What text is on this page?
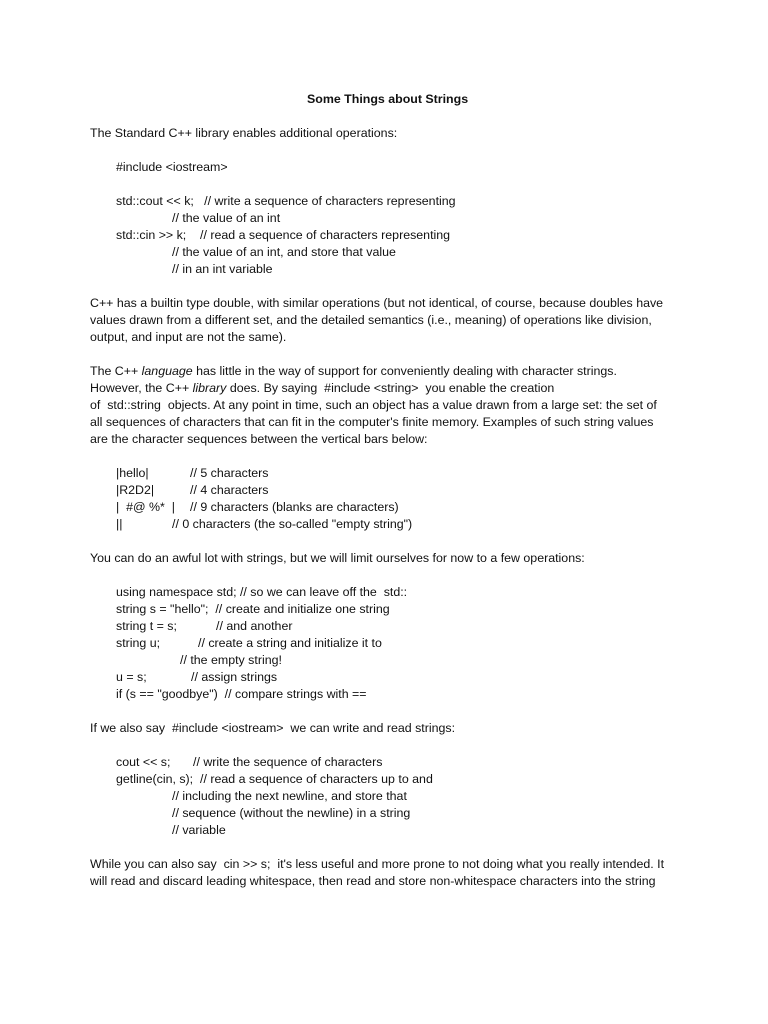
Some Things about Strings
The Standard C++ library enables additional operations:
#include <iostream>
std::cout << k;   // write a sequence of characters representing
// the value of an int
std::cin >> k;    // read a sequence of characters representing
// the value of an int, and store that value
// in an int variable
C++ has a builtin type double, with similar operations (but not identical, of course, because doubles have
values drawn from a different set, and the detailed semantics (i.e., meaning) of operations like division,
output, and input are not the same).
The C++ language has little in the way of support for conveniently dealing with character strings.
However, the C++ library does. By saying  #include <string>  you enable the creation
of  std::string  objects. At any point in time, such an object has a value drawn from a large set: the set of
all sequences of characters that can fit in the computer's finite memory. Examples of such string values
are the character sequences between the vertical bars below:
|hello|	// 5 characters
|R2D2|	// 4 characters
|  #@ %*  | // 9 characters (blanks are characters)
||	// 0 characters (the so-called "empty string")
You can do an awful lot with strings, but we will limit ourselves for now to a few operations:
using namespace std; // so we can leave off the  std::
string s = "hello";  // create and initialize one string
string t = s;	// and another
string u;	// create a string and initialize it to
// the empty string!
u = s;	// assign strings
if (s == "goodbye")  // compare strings with ==
If we also say  #include <iostream>  we can write and read strings:
cout << s; // write the sequence of characters
getline(cin, s);  // read a sequence of characters up to and
// including the next newline, and store that
// sequence (without the newline) in a string
// variable
While you can also say  cin >> s;  it's less useful and more prone to not doing what you really intended. It
will read and discard leading whitespace, then read and store non-whitespace characters into the string
